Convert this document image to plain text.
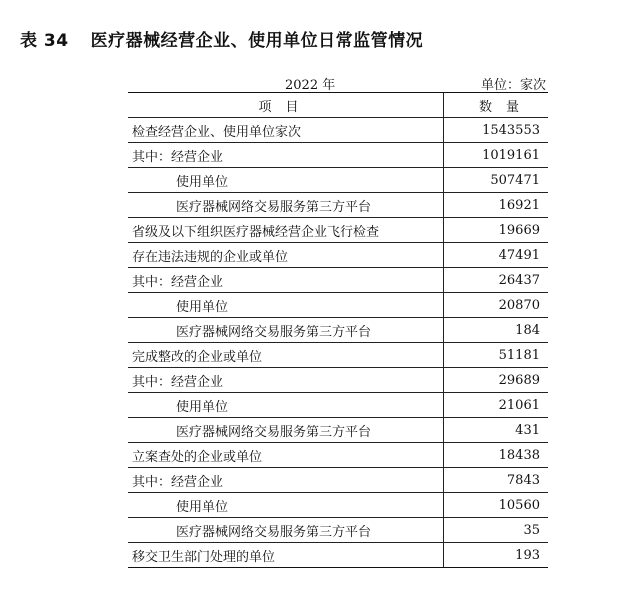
表 34 医疗器械经营企业、使用单位日常监管情况
2022 年	单位：家次
项目	数量
检查经营企业、使用单位家次	1543553
其中：经营企业	1019161
使用单位	507471
医疗器械网络交易服务第三方平台	16921
省级及以下组织医疗器械经营企业飞行检查	19669
存在违法违规的企业或单位	47491
其中：经营企业	26437
使用单位	20870
医疗器械网络交易服务第三方平台	184
完成整改的企业或单位	51181
其中：经营企业	29689
使用单位	21061
医疗器械网络交易服务第三方平台	431
立案查处的企业或单位	18438
其中：经营企业	7843
使用单位	10560
医疗器械网络交易服务第三方平台	35
移交卫生部门处理的单位	193
